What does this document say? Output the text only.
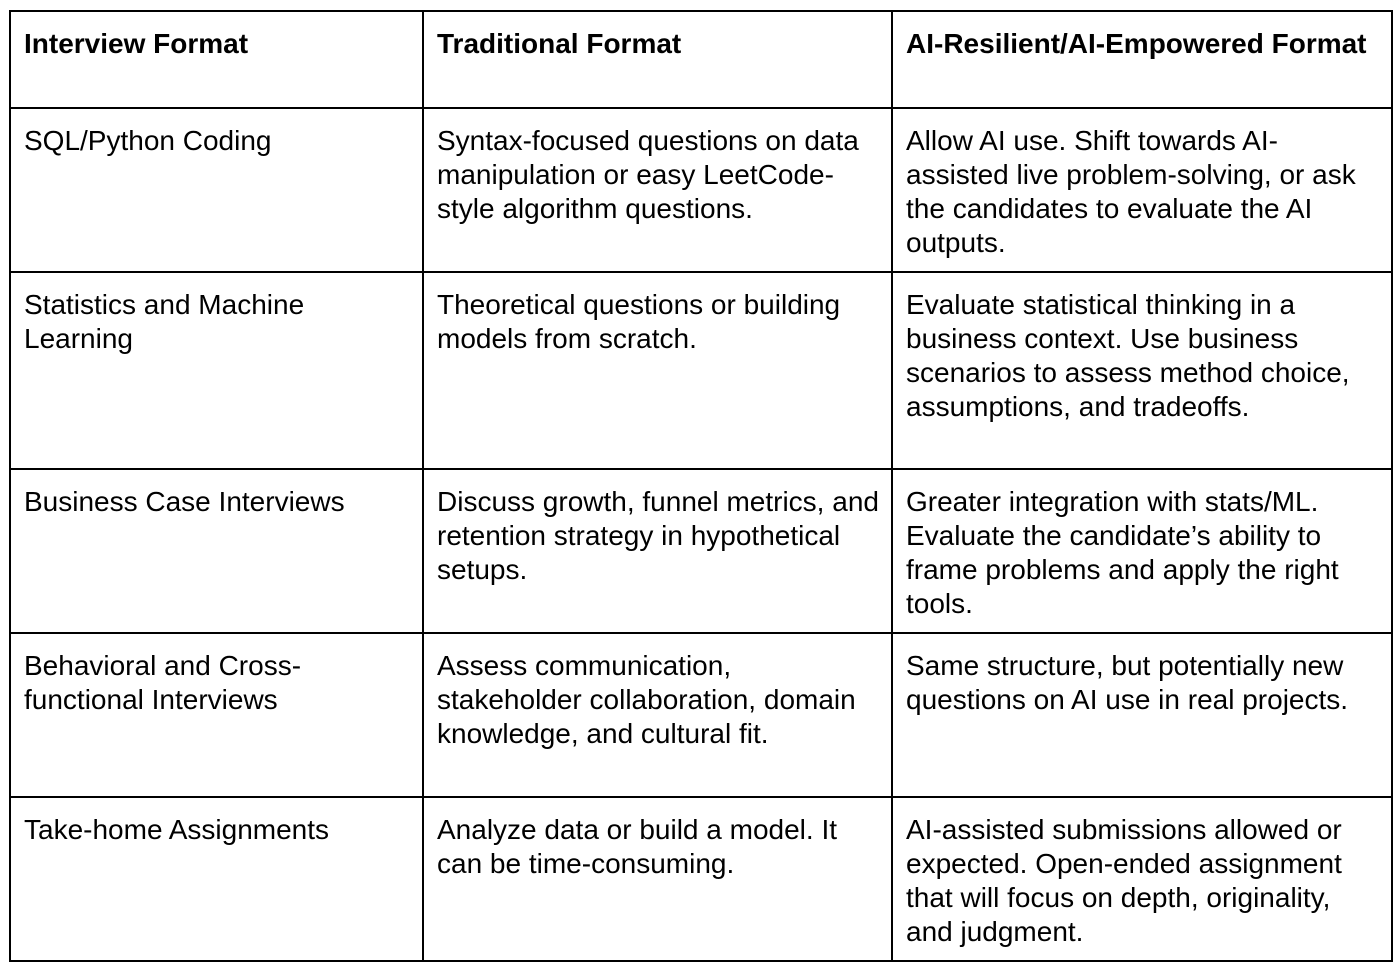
Interview Format	Traditional Format	AI-Resilient/AI-Empowered Format
SQL/Python Coding	Syntax-focused questions on data manipulation or easy LeetCode-style algorithm questions.	Allow AI use. Shift towards AI-assisted live problem-solving, or ask the candidates to evaluate the AI outputs.
Statistics and Machine Learning	Theoretical questions or building models from scratch.	Evaluate statistical thinking in a business context. Use business scenarios to assess method choice, assumptions, and tradeoffs.
Business Case Interviews	Discuss growth, funnel metrics, and retention strategy in hypothetical setups.	Greater integration with stats/ML. Evaluate the candidate’s ability to frame problems and apply the right tools.
Behavioral and Cross-functional Interviews	Assess communication, stakeholder collaboration, domain knowledge, and cultural fit.	Same structure, but potentially new questions on AI use in real projects.
Take-home Assignments	Analyze data or build a model. It can be time-consuming.	AI-assisted submissions allowed or expected. Open-ended assignment that will focus on depth, originality, and judgment.
